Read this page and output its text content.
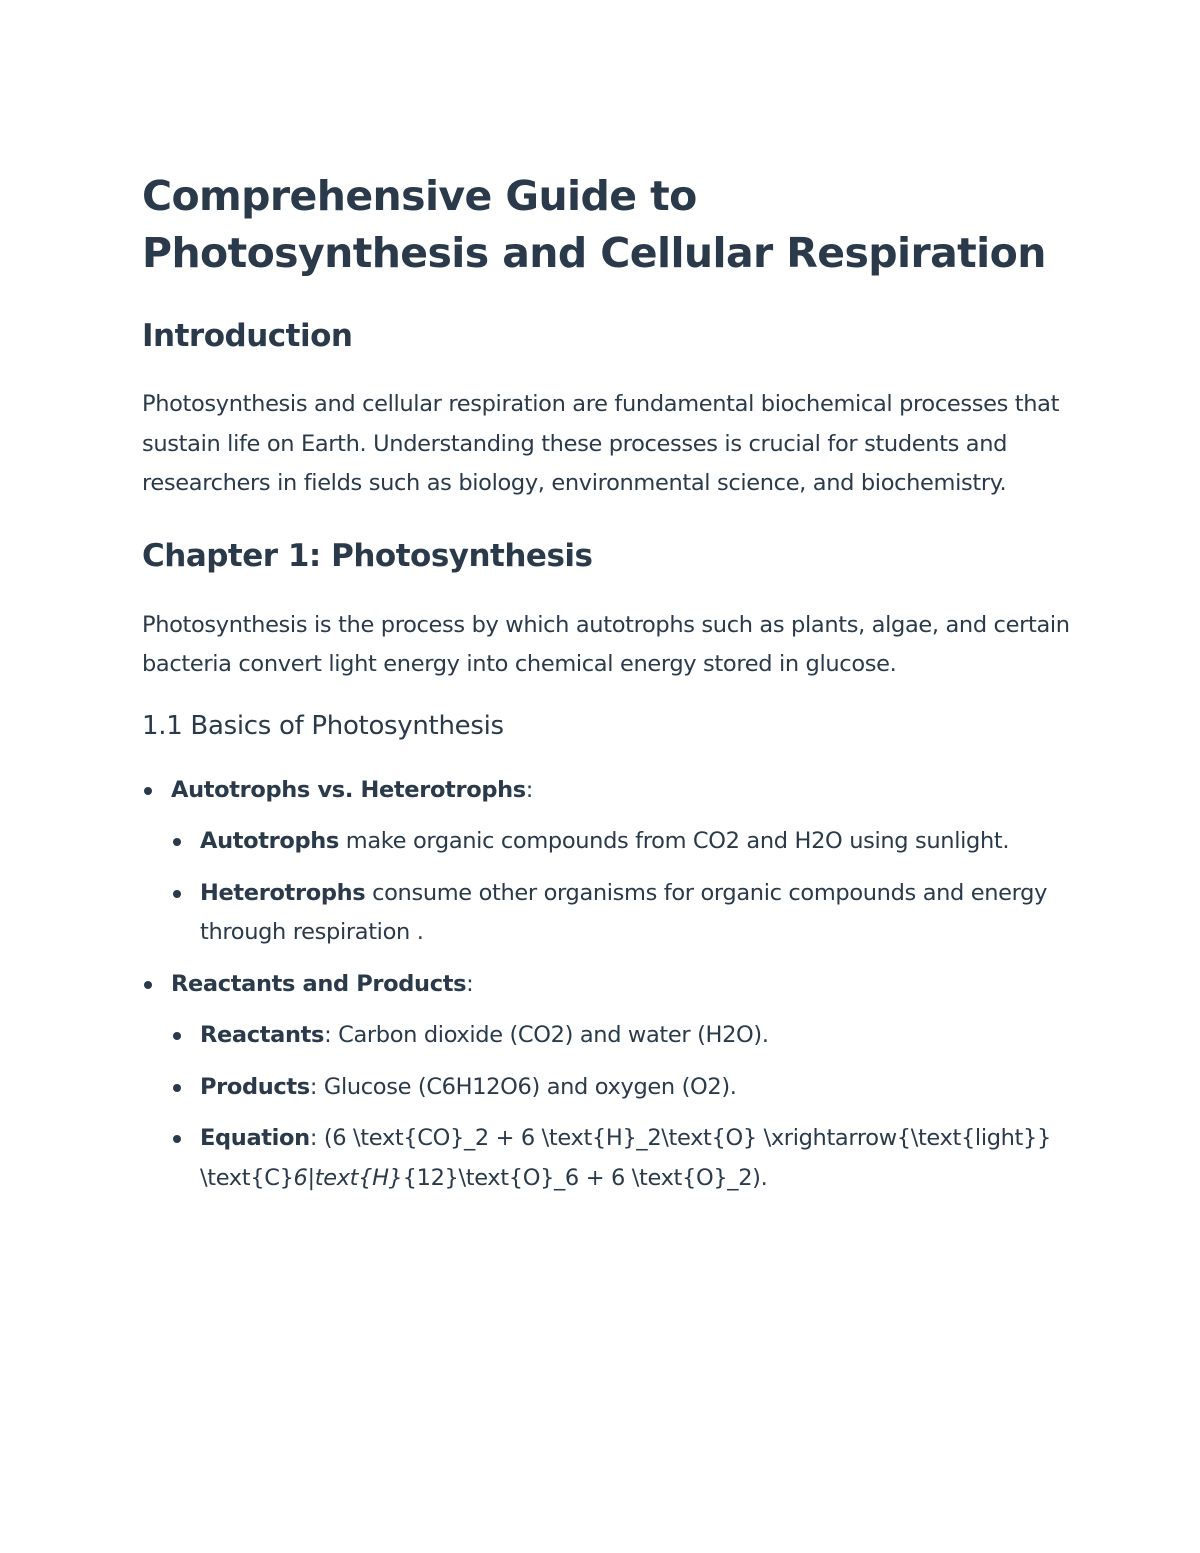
Comprehensive Guide to
Photosynthesis and Cellular Respiration
Introduction

Photosynthesis and cellular respiration are fundamental biochemical processes that sustain life on Earth. Understanding these processes is crucial for students and researchers in fields such as biology, environmental science, and biochemistry.

Chapter 1: Photosynthesis

Photosynthesis is the process by which autotrophs such as plants, algae, and certain bacteria convert light energy into chemical energy stored in glucose.

1.1 Basics of Photosynthesis
Autotrophs vs. Heterotrophs:
Autotrophs make organic compounds from CO2 and H2O using sunlight.
Heterotrophs consume other organisms for organic compounds and energy through respiration .
Reactants and Products:
Reactants: Carbon dioxide (CO2) and water (H2O).
Products: Glucose (C6H12O6) and oxygen (O2).
Equation: (6 \text{CO}_2 + 6 \text{H}_2\text{O} \xrightarrow{\text{light}} \text{C}6|text{H}{12}\text{O}_6 + 6 \text{O}_2).
